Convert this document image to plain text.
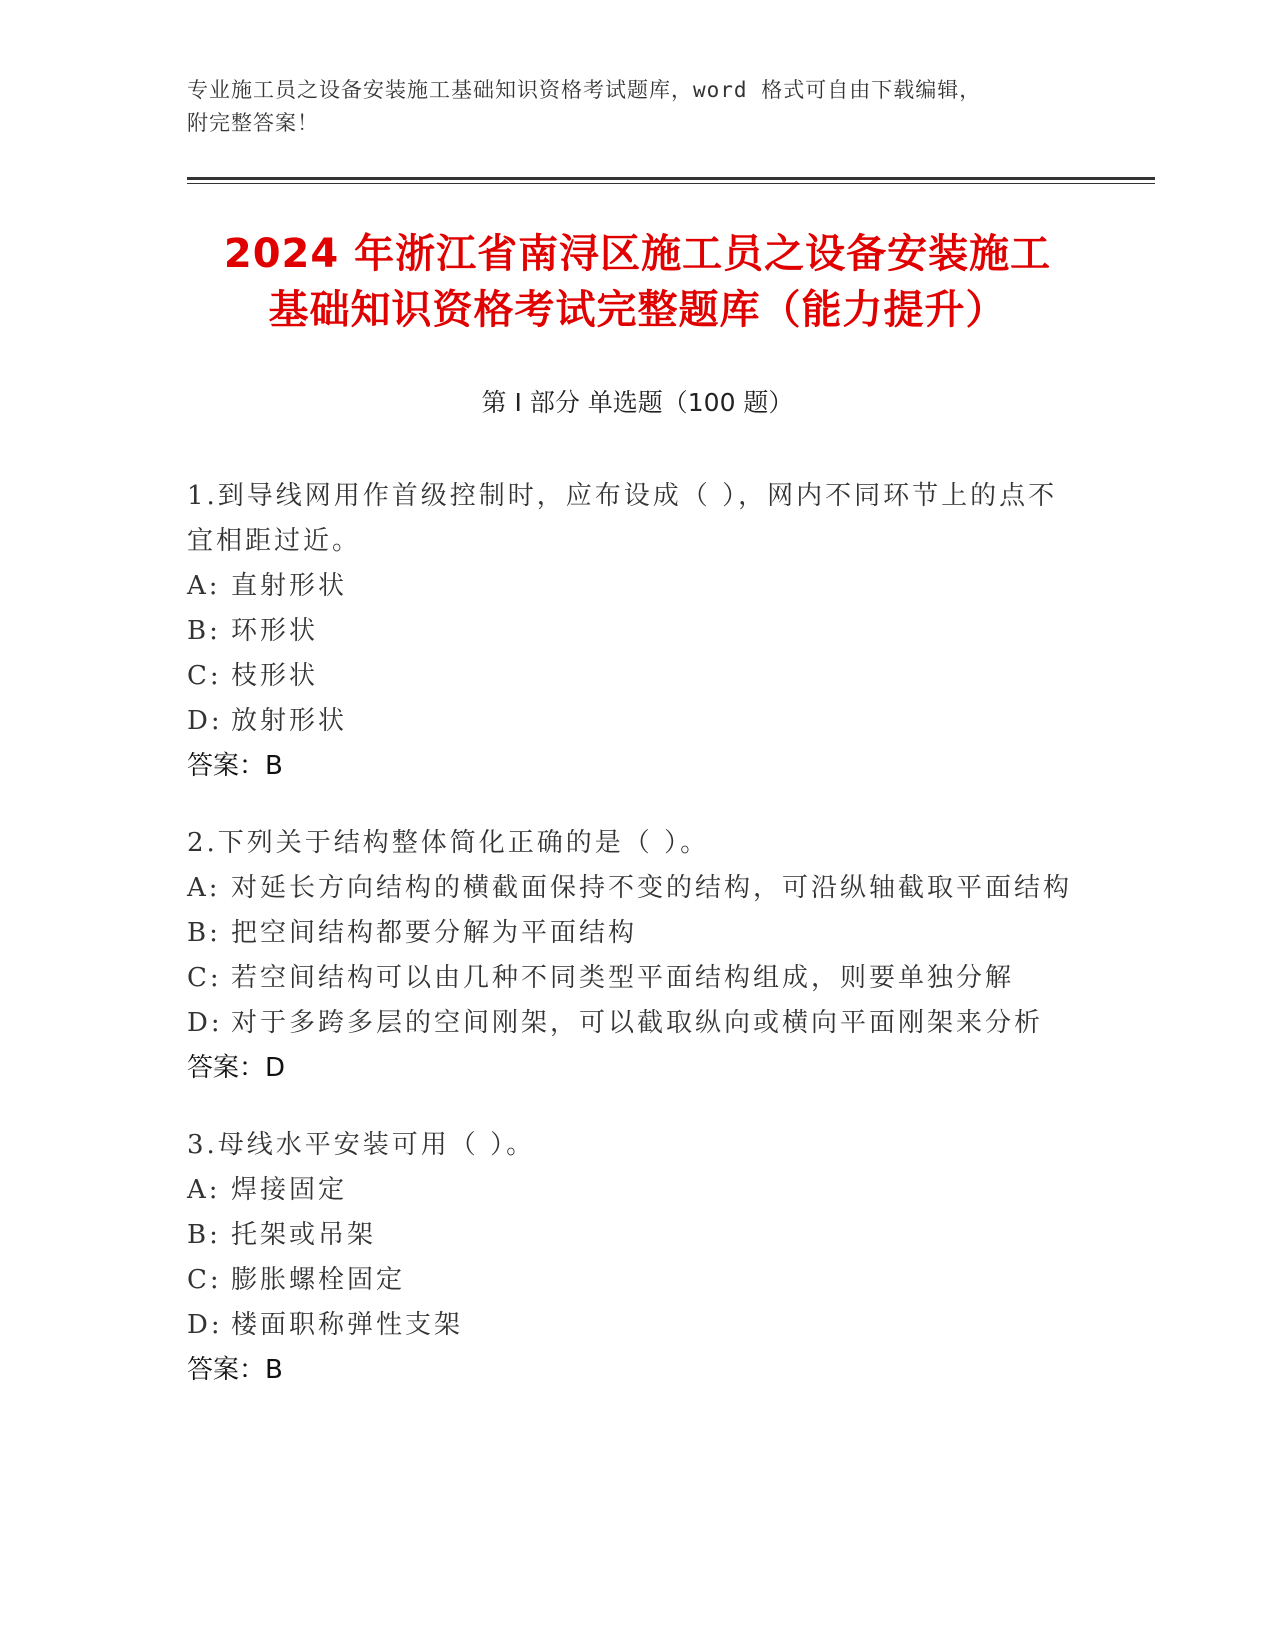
专业施工员之设备安装施工基础知识资格考试题库，word 格式可自由下载编辑，
附完整答案！
2024 年浙江省南浔区施工员之设备安装施工
基础知识资格考试完整题库（能力提升）
第 I 部分 单选题（100 题）

1.到导线网用作首级控制时，应布设成（ ），网内不同环节上的点不

宜相距过近。

A: 直射形状

B: 环形状

C: 枝形状

D: 放射形状

答案：B

2.下列关于结构整体简化正确的是（ ）。

A: 对延长方向结构的横截面保持不变的结构，可沿纵轴截取平面结构

B: 把空间结构都要分解为平面结构

C: 若空间结构可以由几种不同类型平面结构组成，则要单独分解

D: 对于多跨多层的空间刚架，可以截取纵向或横向平面刚架来分析

答案：D

3.母线水平安装可用（ ）。

A: 焊接固定

B: 托架或吊架

C: 膨胀螺栓固定

D: 楼面职称弹性支架

答案：B
